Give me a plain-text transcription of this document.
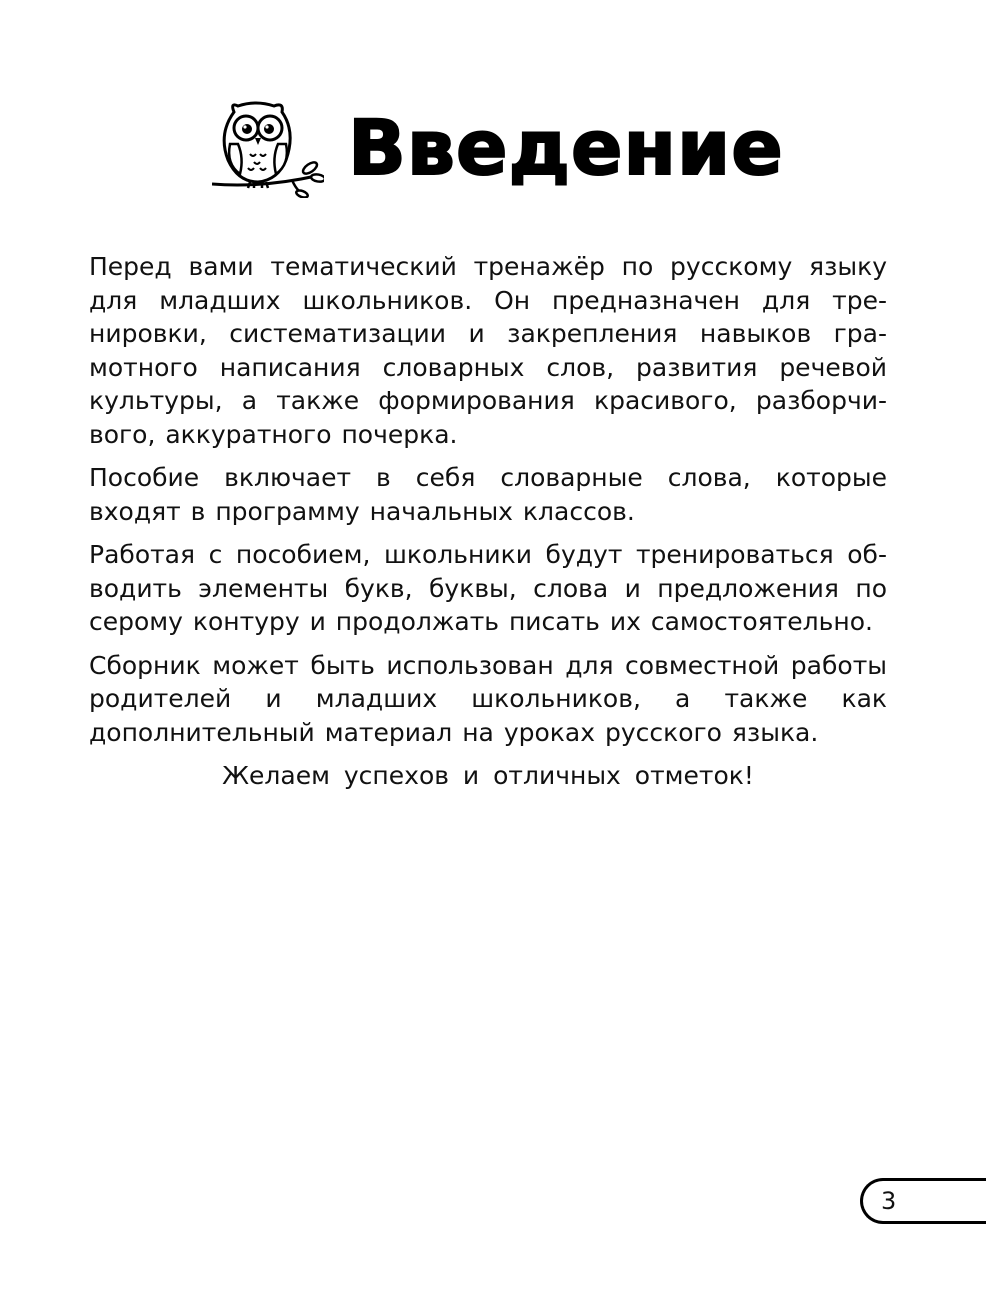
Введение

Перед вами тематический тренажёр по русскому языку для младших школьников. Он предназначен для тренировки, систематизации и закрепления навыков грамотного написания словарных слов, развития речевой культуры, а также формирования красивого, разборчивого, аккуратного почерка.

Пособие включает в себя словарные слова, которые входят в программу начальных классов.

Работая с пособием, школьники будут тренироваться обводить элементы букв, буквы, слова и предложения по серому контуру и продолжать писать их самостоятельно.

Сборник может быть использован для совместной работы родителей и младших школьников, а также как дополнительный материал на уроках русского языка.

Желаем успехов и отличных отметок!

3
